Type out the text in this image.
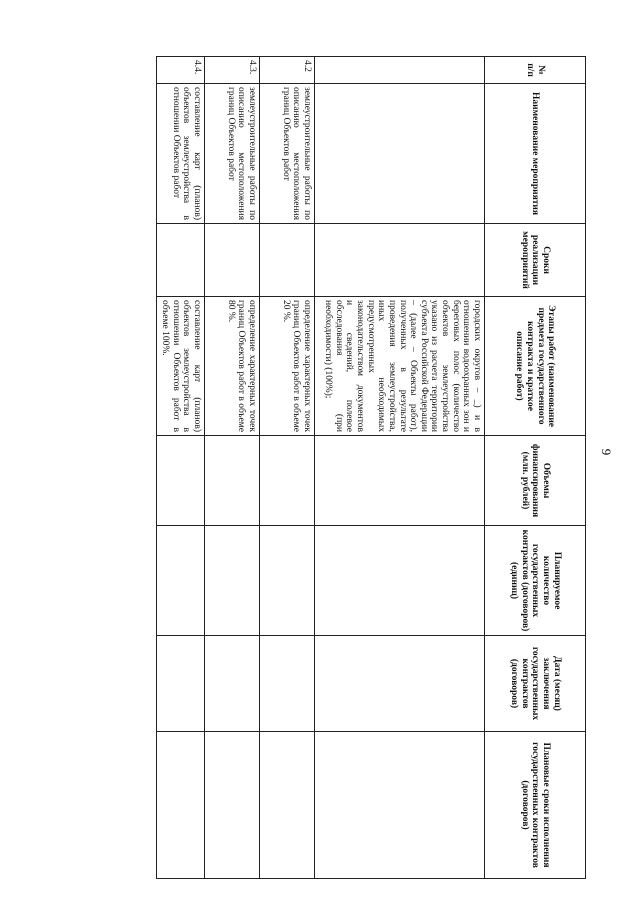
9
№ п/п	Наименование мероприятия	Сроки реализации мероприятий	Этапы работ (наименование предмета государственного контракта и краткое описание работ)	Объемы финансирования (млн. рублей)	Планируемое количество государственных контрактов (договоров) (единиц)	Дата (месяц) заключения государственных контрактов (договоров)	Плановые сроки исполнения государственных контрактов (договоров)
			городских округов – _) и в отношении водоохранных зон и береговых полос (количество объектов землеустройства указано из расчета территории субъекта Российской Федерации – (далее – Объекты работ), полученных в результате проведения землеустройства, иных необходимых предусмотренных законодательством документов и сведений, полевое обследования (при необходимости) (100%);				
4.2	землеустроительные работы по описанию местоположения границ Объектов работ		определение характерных точек границ Объектов работ в объеме 20 %.				
4.3.	землеустроительные работы по описанию местоположения границ Объектов работ		определение характерных точек границ Объектов работ в объеме 80 %.				
4.4.	составление карт (планов) объектов землеустройства в отношении Объектов работ		составление карт (планов) объектов землеустройства в отношении Объектов работ в объеме 100%.				
